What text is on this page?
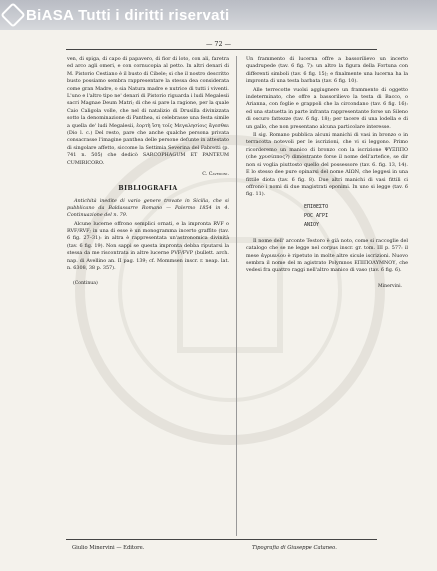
BiASA Tutti i diritti riservati
— 72 —

ven, di spiga, di capo di papavero, di fior di loto, con ali, faretra ed arco agli omeri, e con cornucopia al petto. In altri denari di M. Pistorio Cestiano è il busto di Cibele; si che il nostro descritto busto possiamo sembra rappresentare la stessa dea considerata come gran Madre, o sia Natura madre e nutrice di tutti i viventi. L'uno e l'altro tipo ne' denari di Pistorio riguarda i ludi Megalesii sacri Magnae Deum Matri; di che si pare la ragione, per la quale Caio Caligola volle, che nel di natalizio di Drusilla divinizzata sotto la denominazione di Panthea, si celebrasse una festa simile a quella de' ludi Megalesii, ἑορτὴ ἴση τοῖς Μεγαλησίοις ἄγεσθαι (Dio l. c.) Del resto, pare che anche qualche persona privata consacrasse l'imagine panthea delle persone defunte in attestato di singolare affetto, siccome la Settimia Severina del Fabretti (p. 741 n. 505) che dedicò SARCOPHAGUM ET PANTEUM CUMIRICORO.

C. Cavedoni.
BIBLIOGRAFIA

Antichità inedite di vario genere trovate in Sicilia, che si pubblicano da Baldassarre Romano — Palermo 1854 in 4. Continuazione del n. 79.

Alcune lucerne offrono semplici ornati, e la impronta RVF o RVF/RVF; in una di esse è un monogramma incerto graffito (tav. 6 fig. 27–31): in altra è rappresentata un'astronomica divinità (tav. 6 fig. 19). Non sappi se questa impronta debba riputarsi la stessa da me riscontrata in altre lucerne PVF/FVP (bullett. arch. nap. di Avellino an. II pag. 139; cf. Mommsen inscr. r. neap. lat. n. 6308, 38 p. 357).

(Continua)

Un frammento di lucerna offre a bassorilievo un incerto quadrupede (tav. 6 fig. 7): un altro la figura della Fortuna con differenti simboli (tav. 6 fig. 15); e finalmente una lucerna ha la impronta di una testa barbata (tav. 6 fig. 10).

Alle terrecotte vuolsi aggiugnere un frammento di oggetto indeterminato, che offre a bassorilievo la testa di Bacco, o Arianna, con foglie e grappoli che la circondano (tav. 6 fig. 16): ed una statuetta in parte infranta rappresentante forse un Sileno di oscuro fattezze (tav. 6 fig. 18); per tacere di una lodella e di un gallo, che non presentano alcuna particolare interesse.

Il sig. Romano pubblica alcuni manichi di vasi in bronzo o in terracotta notevoli per le iscrizioni, che vi si leggono. Primo ricorderemo un manico di bronzo con la iscrizione ΨΥΞΠΠΟ (che χρυσίππος?) dimostrante forse il nome dell'artefice, se dir non si voglia piuttosto quello del possessore (tav. 6. fig. 13, 14). E lo stesso dee pure opinarsi del nome ΛΙΩΝ, che leggesi in una fittile diota (tav. 6 fig. 8). Due altri manichi di vasi fittili ci offrono i nomi di due magistrati eponimi. In uno si legge (tav. 6 fig. 11).

ΕΠΙΘΕΣΤΟ
ΡΟC ΑΓΡΙ
ΑΝΙΟΥ

Il nome dell' arconte Testoro è già noto, come si raccoglie del catalogo che se ne legge nel corpus inscr. gr. tom. III p. 577: il mese ἀγριανίου è ripetuto in molte altre sicule iscrizioni. Nuovo sembra il nome del m agistrato Polymnos ΕΠΙΠΟΛΥΜΝΟΥ, che vedesi fra quattro raggi nell'altro manico di vaso (tav. 6 fig. 6).

Minervini.
Giulio Minervini — Editore.	Tipografia di Giuseppe Cataneo.
